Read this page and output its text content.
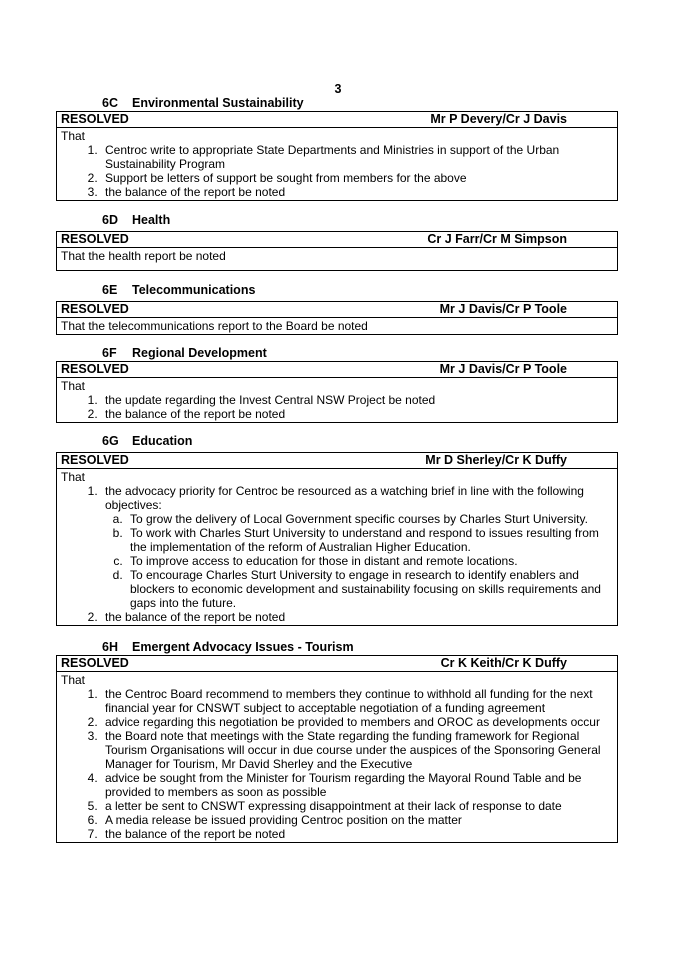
3
6C Environmental Sustainability
RESOLVED	Mr P Devery/Cr J Davis
That
1. Centroc write to appropriate State Departments and Ministries in support of the Urban Sustainability Program
2. Support be letters of support be sought from members for the above
3. the balance of the report be noted
6D Health
RESOLVED	Cr J Farr/Cr M Simpson
That the health report be noted
6E Telecommunications
RESOLVED	Mr J Davis/Cr P Toole
That the telecommunications report to the Board be noted
6F Regional Development
RESOLVED	Mr J Davis/Cr P Toole
That
1. the update regarding the Invest Central NSW Project be noted
2. the balance of the report be noted
6G Education
RESOLVED	Mr D Sherley/Cr K Duffy
That
1. the advocacy priority for Centroc be resourced as a watching brief in line with the following objectives:
a. To grow the delivery of Local Government specific courses by Charles Sturt University.
b. To work with Charles Sturt University to understand and respond to issues resulting from the implementation of the reform of Australian Higher Education.
c. To improve access to education for those in distant and remote locations.
d. To encourage Charles Sturt University to engage in research to identify enablers and blockers to economic development and sustainability focusing on skills requirements and gaps into the future.
2. the balance of the report be noted
6H Emergent Advocacy Issues - Tourism
RESOLVED	Cr K Keith/Cr K Duffy
That
1. the Centroc Board recommend to members they continue to withhold all funding for the next financial year for CNSWT subject to acceptable negotiation of a funding agreement
2. advice regarding this negotiation be provided to members and OROC as developments occur
3. the Board note that meetings with the State regarding the funding framework for Regional Tourism Organisations will occur in due course under the auspices of the Sponsoring General Manager for Tourism, Mr David Sherley and the Executive
4. advice be sought from the Minister for Tourism regarding the Mayoral Round Table and be provided to members as soon as possible
5. a letter be sent to CNSWT expressing disappointment at their lack of response to date
6. A media release be issued providing Centroc position on the matter
7. the balance of the report be noted
